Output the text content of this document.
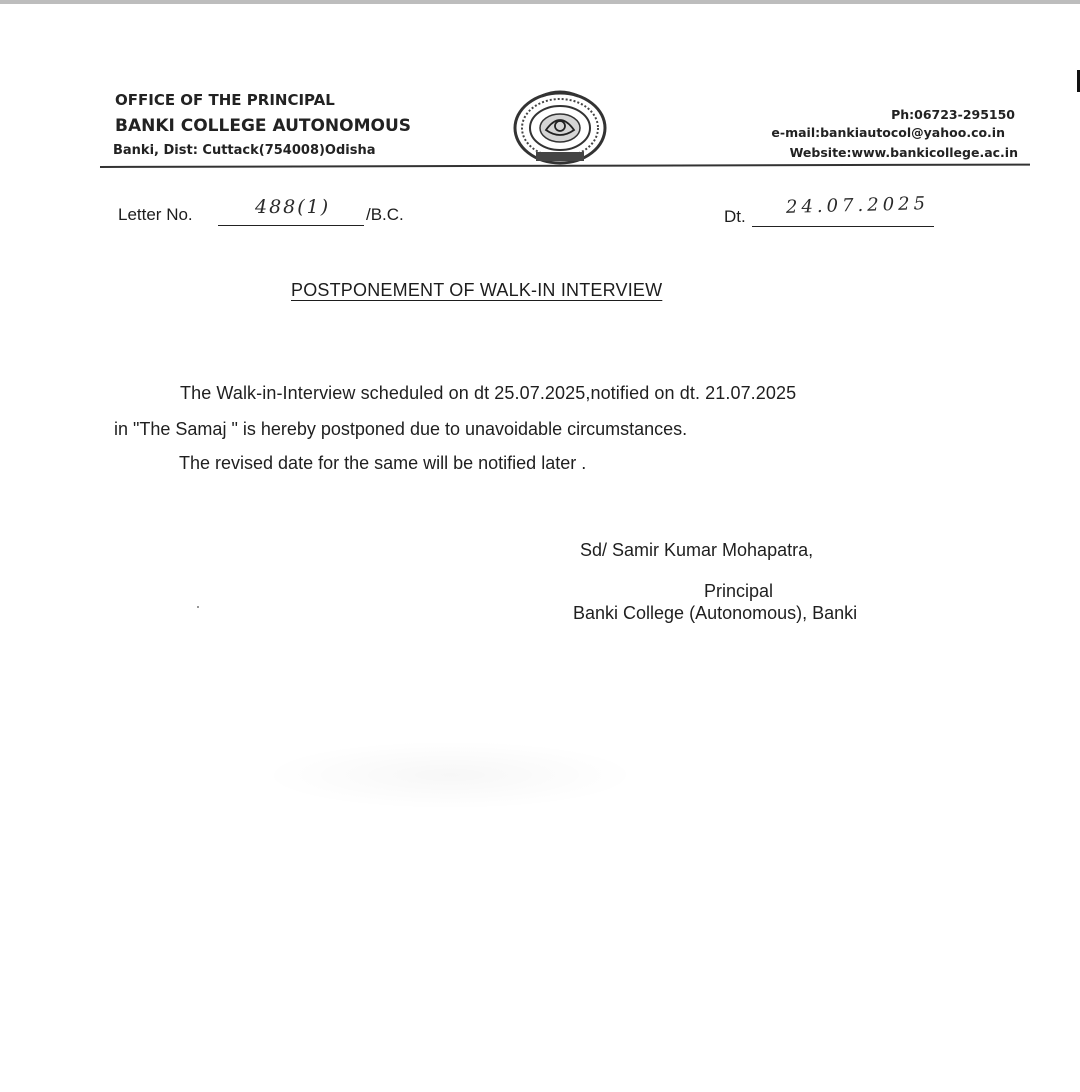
OFFICE OF THE PRINCIPAL
BANKI COLLEGE AUTONOMOUS
Banki, Dist: Cuttack(754008)Odisha
Ph:06723-295150
e-mail:bankiautocol@yahoo.co.in
Website:www.bankicollege.ac.in
Letter No.	488(1) /B.C.	Dt. 24.07.2025
POSTPONEMENT OF WALK-IN INTERVIEW
The Walk-in-Interview scheduled on dt 25.07.2025,notified on dt. 21.07.2025
in "The Samaj " is hereby postponed due to unavoidable circumstances.
The revised date for the same will be notified later .
Sd/ Samir Kumar Mohapatra,
Principal
Banki College (Autonomous), Banki
